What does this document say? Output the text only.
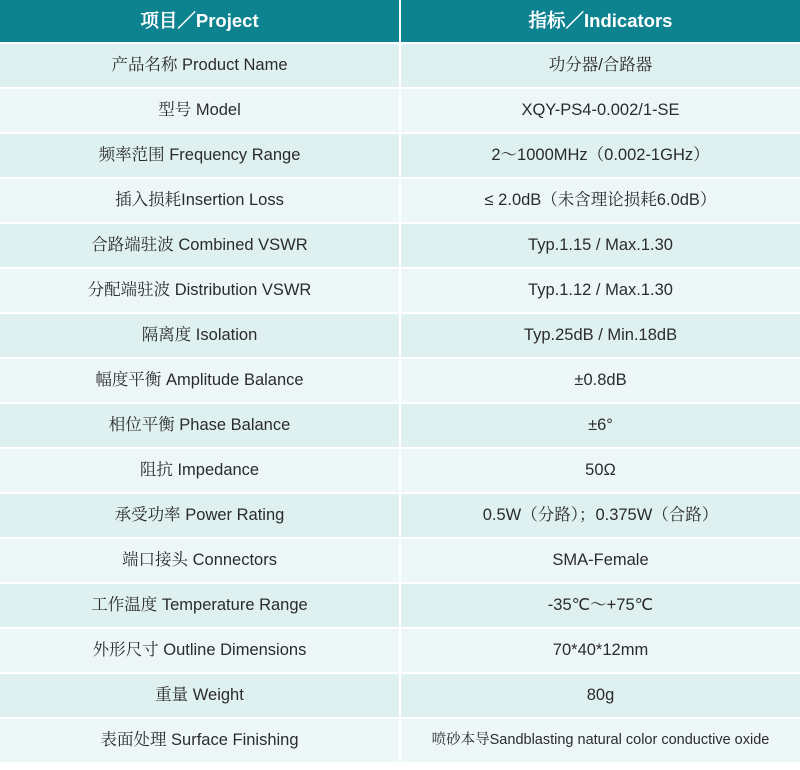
项目／Project	指标／Indicators
产品名称 Product Name	功分器/合路器
型号 Model	XQY-PS4-0.002/1-SE
频率范围 Frequency Range	2～1000MHz（0.002-1GHz）
插入损耗Insertion Loss	≤ 2.0dB（未含理论损耗6.0dB）
合路端驻波 Combined VSWR	Typ.1.15 / Max.1.30
分配端驻波 Distribution VSWR	Typ.1.12 / Max.1.30
隔离度 Isolation	Typ.25dB / Min.18dB
幅度平衡 Amplitude Balance	±0.8dB
相位平衡 Phase Balance	±6°
阻抗 Impedance	50Ω
承受功率 Power Rating	0.5W（分路）；0.375W（合路）
端口接头 Connectors	SMA-Female
工作温度 Temperature Range	-35℃～+75℃
外形尺寸 Outline Dimensions	70*40*12mm
重量 Weight	80g
表面处理 Surface Finishing	喷砂本导Sandblasting natural color conductive oxide
